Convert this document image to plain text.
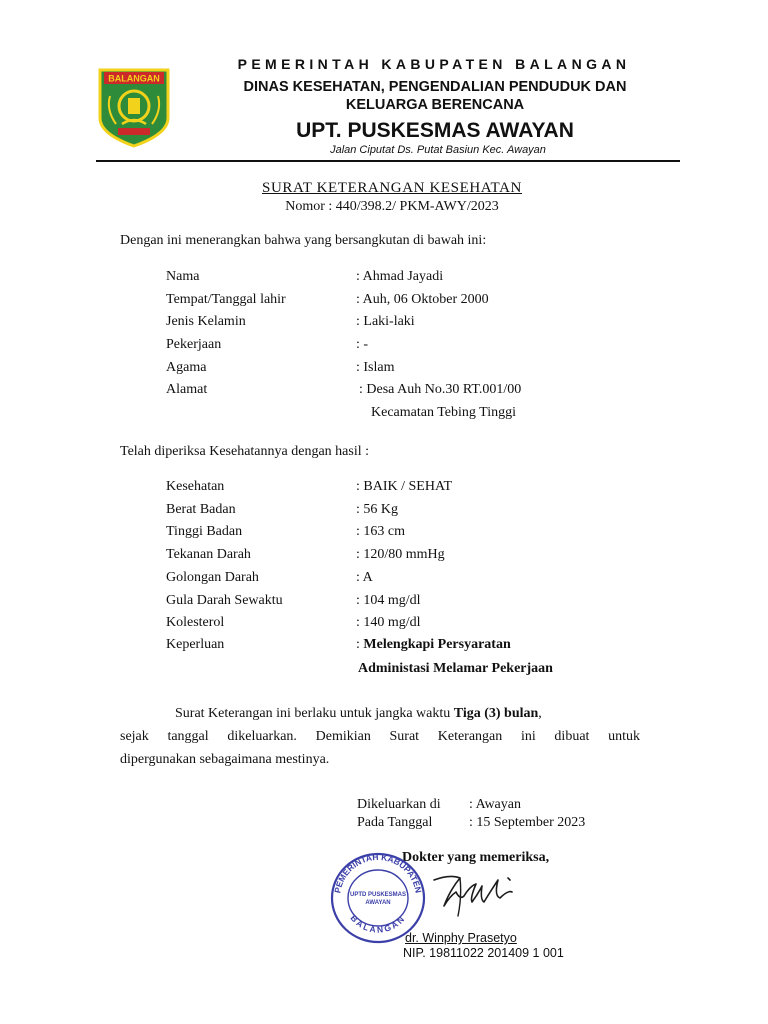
BALANGAN
PEMERINTAH KABUPATEN BALANGAN
DINAS KESEHATAN, PENGENDALIAN PENDUDUK DAN
KELUARGA BERENCANA
UPT. PUSKESMAS AWAYAN
Jalan Ciputat Ds. Putat Basiun Kec. Awayan
SURAT KETERANGAN KESEHATAN
Nomor : 440/398.2/ PKM-AWY/2023
Dengan ini menerangkan bahwa yang bersangkutan di bawah ini:
Nama	: Ahmad Jayadi
Tempat/Tanggal lahir	: Auh, 06 Oktober 2000
Jenis Kelamin	: Laki-laki
Pekerjaan	: -
Agama	: Islam
Alamat	: Desa Auh No.30 RT.001/00
Kecamatan Tebing Tinggi
Telah diperiksa Kesehatannya dengan hasil :
Kesehatan	: BAIK / SEHAT
Berat Badan	: 56 Kg
Tinggi Badan	: 163 cm
Tekanan Darah	: 120/80 mmHg
Golongan Darah	: A
Gula Darah Sewaktu	: 104 mg/dl
Kolesterol	: 140 mg/dl
Keperluan	: Melengkapi Persyaratan
Administasi Melamar Pekerjaan
Surat Keterangan ini berlaku untuk jangka waktu Tiga (3) bulan,
sejak tanggal dikeluarkan. Demikian Surat Keterangan ini dibuat untuk
dipergunakan sebagaimana mestinya.
Dikeluarkan di : Awayan
Pada Tanggal	: 15 September 2023
Dokter yang memeriksa,
PEMERINTAH KABUPATEN
BALANGAN
UPTD PUSKESMAS
AWAYAN
dr. Winphy Prasetyo
NIP. 19811022 201409 1 001
